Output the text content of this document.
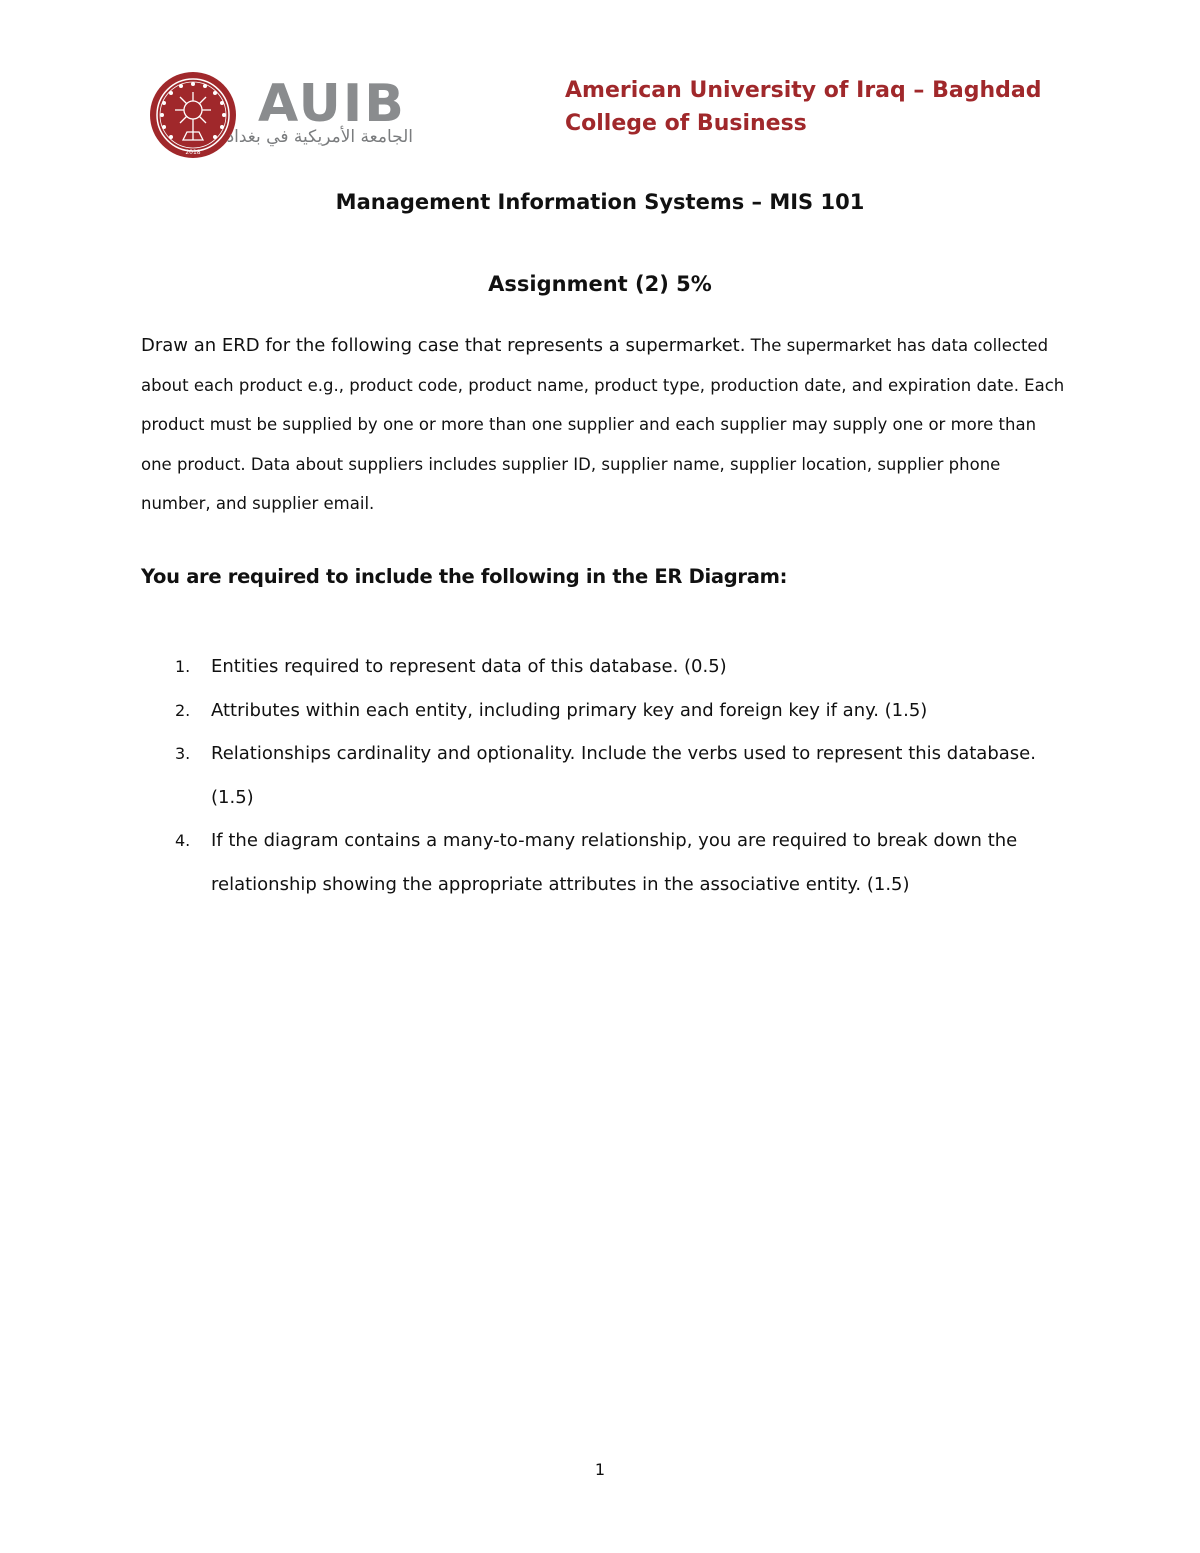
2018
AUIB
الجامعة الأمريكية في بغداد
American University of Iraq – Baghdad
College of Business
Management Information Systems – MIS 101
Assignment (2) 5%
Draw an ERD for the following case that represents a supermarket. The supermarket has data collected about each product e.g., product code, product name, product type, production date, and expiration date. Each product must be supplied by one or more than one supplier and each supplier may supply one or more than one product. Data about suppliers includes supplier ID, supplier name, supplier location, supplier phone number, and supplier email.
You are required to include the following in the ER Diagram:
1. Entities required to represent data of this database. (0.5)
2. Attributes within each entity, including primary key and foreign key if any. (1.5)
3. Relationships cardinality and optionality. Include the verbs used to represent this database. (1.5)
4. If the diagram contains a many-to-many relationship, you are required to break down the relationship showing the appropriate attributes in the associative entity. (1.5)
1
